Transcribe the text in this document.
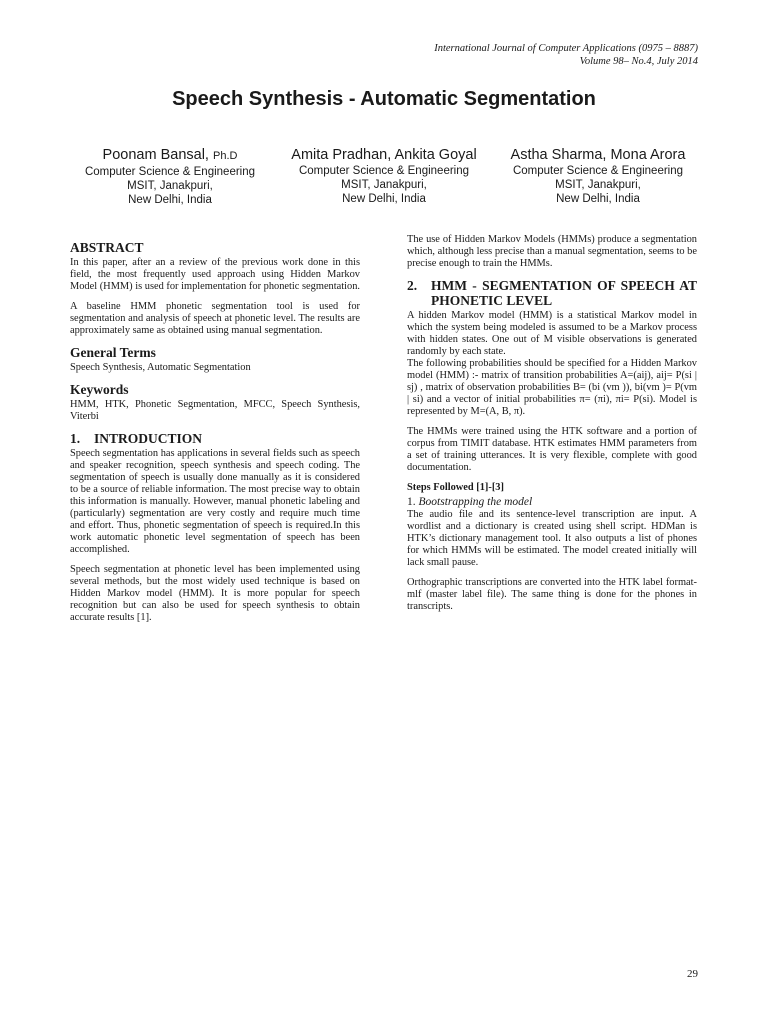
International Journal of Computer Applications (0975 – 8887)
Volume 98– No.4, July 2014
Speech Synthesis - Automatic Segmentation
Poonam Bansal, Ph.D
Computer Science & Engineering
MSIT, Janakpuri,
New Delhi, India
Amita Pradhan, Ankita Goyal
Computer Science & Engineering
MSIT, Janakpuri,
New Delhi, India
Astha Sharma, Mona Arora
Computer Science & Engineering
MSIT, Janakpuri,
New Delhi, India
ABSTRACT

In this paper, after an a review of the previous work done in this field, the most frequently used approach using Hidden Markov Model (HMM) is used for implementation for phonetic segmentation.

A baseline HMM phonetic segmentation tool is used for segmentation and analysis of speech at phonetic level. The results are approximately same as obtained using manual segmentation.

General Terms

Speech Synthesis, Automatic Segmentation

Keywords

HMM, HTK, Phonetic Segmentation, MFCC, Speech Synthesis, Viterbi

1.	INTRODUCTION

Speech segmentation has applications in several fields such as speech and speaker recognition, speech synthesis and speech coding. The segmentation of speech is usually done manually as it is considered to be a source of reliable information. The most precise way to obtain this information is manually. However, manual phonetic labeling and (particularly) segmentation are very costly and require much time and effort. Thus, phonetic segmentation of speech is required.In this work automatic phonetic level segmentation of speech has been accomplished.

Speech segmentation at phonetic level has been implemented using several methods, but the most widely used technique is based on Hidden Markov model (HMM). It is more popular for speech recognition but can also be used for speech synthesis to obtain accurate results [1].

The use of Hidden Markov Models (HMMs) produce a segmentation which, although less precise than a manual segmentation, seems to be precise enough to train the HMMs.

2.	HMM - SEGMENTATION OF SPEECH AT PHONETIC LEVEL

A hidden Markov model (HMM) is a statistical Markov model in which the system being modeled is assumed to be a Markov process with hidden states. One out of M visible observations is generated randomly by each state.

The following probabilities should be specified for a Hidden Markov model (HMM) :- matrix of transition probabilities A=(aij), aij= P(si | sj) , matrix of observation probabilities B= (bi (vm )), bi(vm )= P(vm | si) and a vector of initial probabilities π= (πi), πi= P(si). Model is represented by M=(A, B, π).

The HMMs were trained using the HTK software and a portion of corpus from TIMIT database. HTK estimates HMM parameters from a set of training utterances. It is very flexible, complete with good documentation.

Steps Followed [1]-[3]
1. Bootstrapping the model

The audio file and its sentence-level transcription are input. A wordlist and a dictionary is created using shell script. HDMan is HTK’s dictionary management tool. It also outputs a list of phones for which HMMs will be estimated. The model created initially will lack small pause.

Orthographic transcriptions are converted into the HTK label format- mlf (master label file). The same thing is done for the phones in transcripts.

29
